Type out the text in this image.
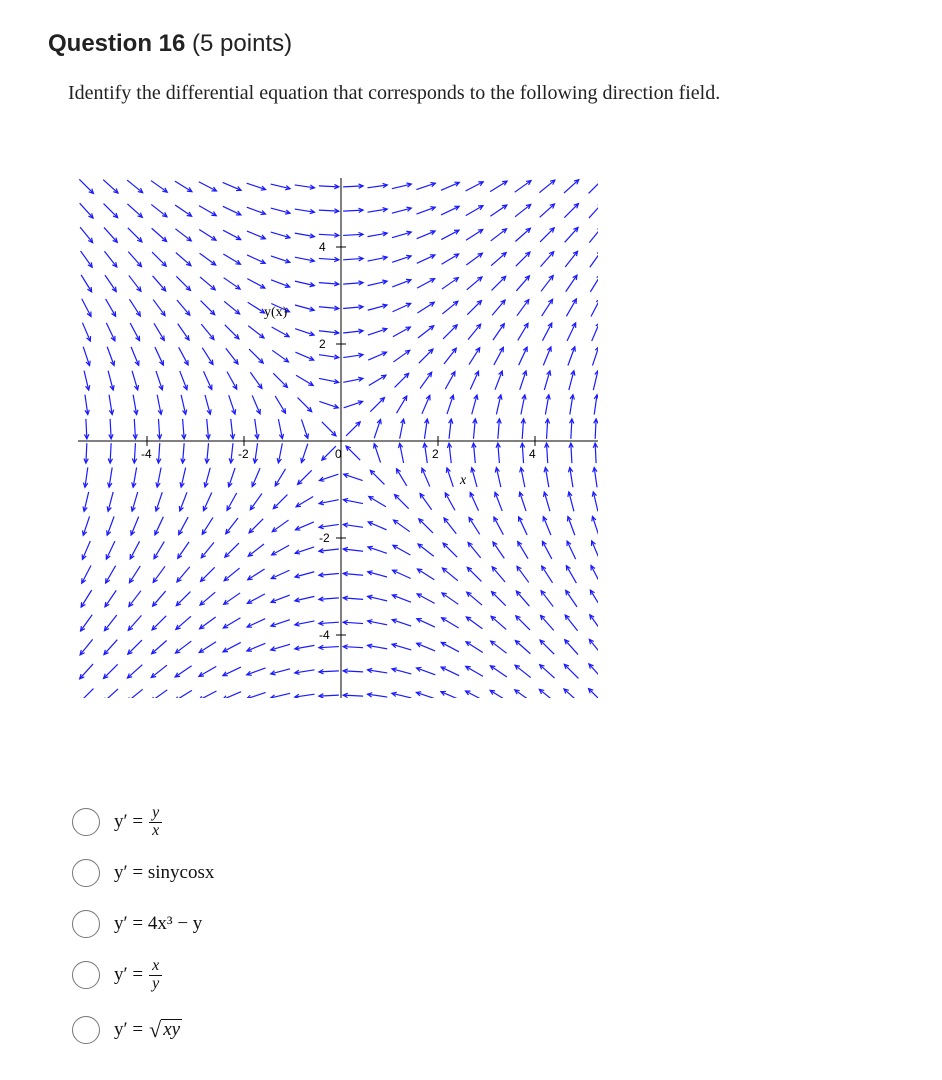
Question 16 (5 points)
Identify the differential equation that corresponds to the following direction field.
-4	-2	0	2	4
4
2
-2
-4
y(x)
x
$y' = \frac{y}{x}$
y′ = sinycosx
y′ = 4x³ − y
$y' = \frac{x}{y}$
y′ = √ xy
